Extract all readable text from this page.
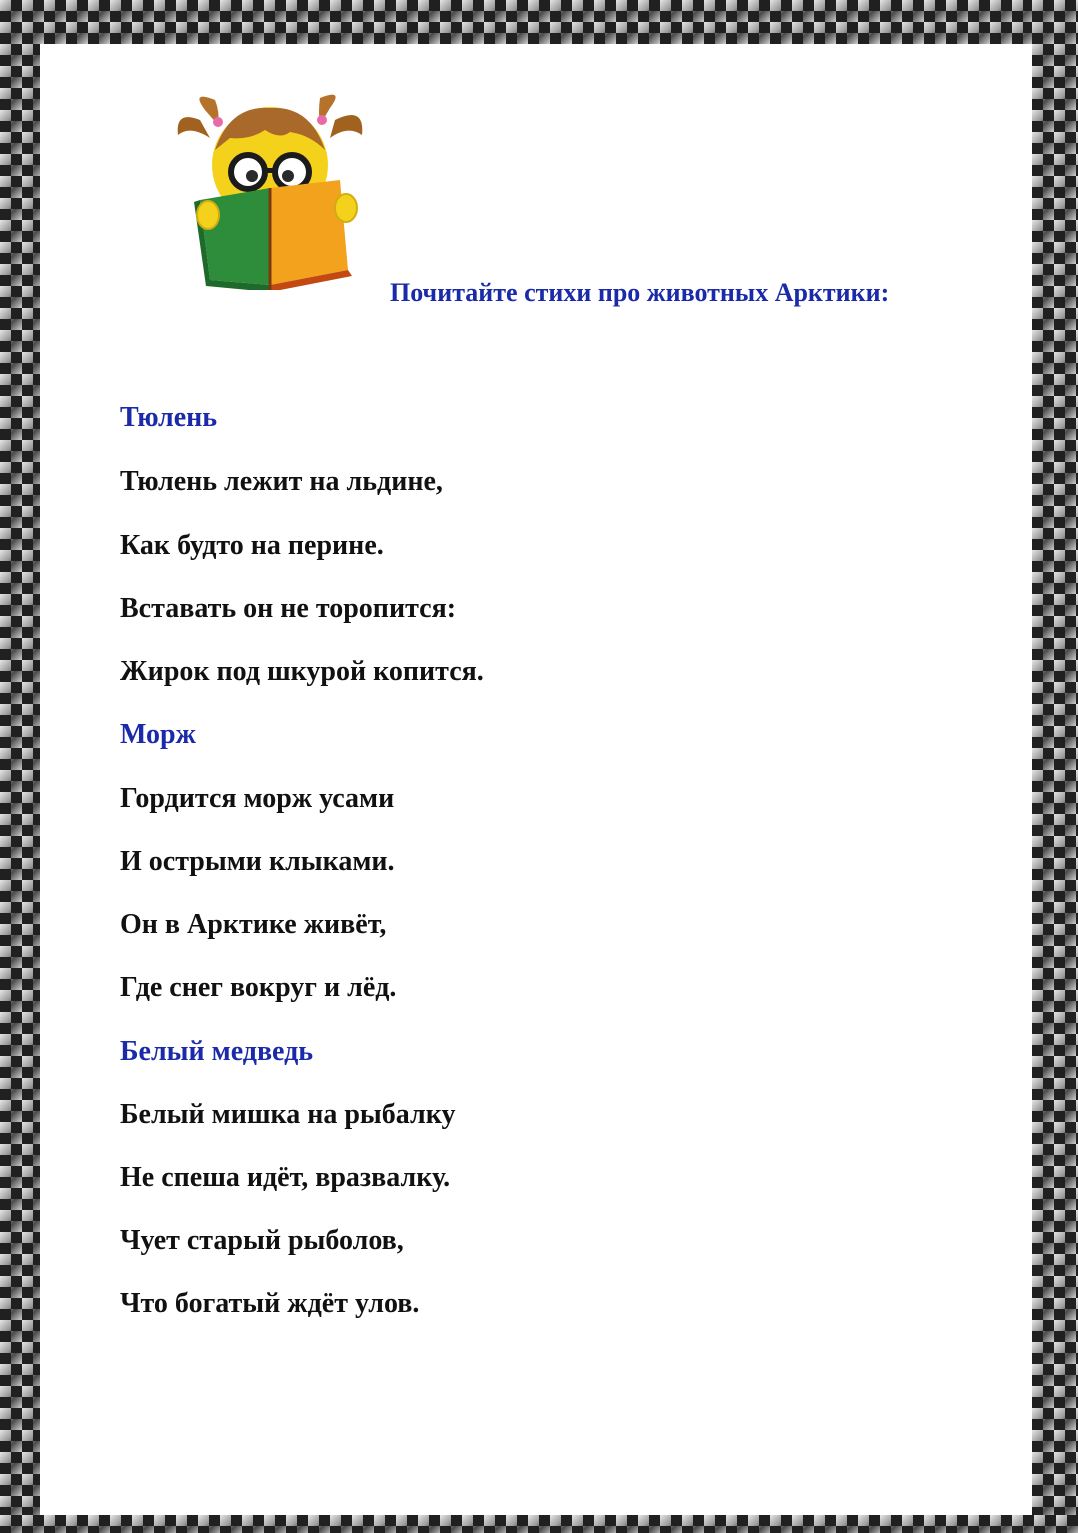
Почитайте стихи про животных Арктики:

Тюлень

Тюлень лежит на льдине,

Как будто на перине.

Вставать он не торопится:

Жирок под шкурой копится.

Морж

Гордится морж усами

И острыми клыками.

Он в Арктике живёт,

Где снег вокруг и лёд.

Белый медведь

Белый мишка на рыбалку

Не спеша идёт, вразвалку.

Чует старый рыболов,

Что богатый ждёт улов.
